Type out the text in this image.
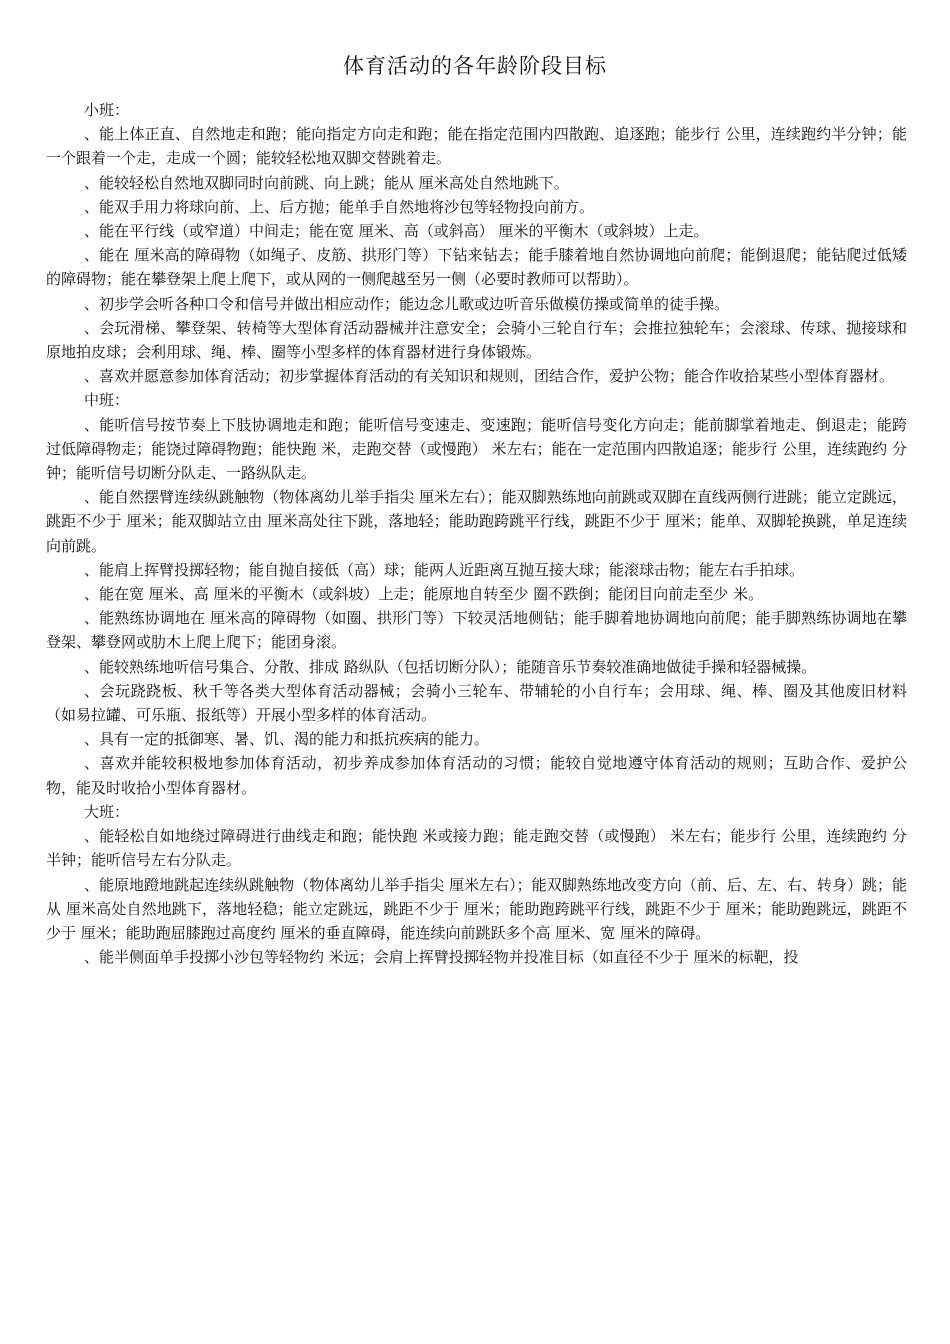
体育活动的各年龄阶段目标

小班：

、能上体正直、自然地走和跑；能向指定方向走和跑；能在指定范围内四散跑、追逐跑；能步行 公里，连续跑约半分钟；能一个跟着一个走，走成一个圆；能较轻松地双脚交替跳着走。

、能较轻松自然地双脚同时向前跳、向上跳；能从 厘米高处自然地跳下。

、能双手用力将球向前、上、后方抛；能单手自然地将沙包等轻物投向前方。

、能在平行线（或窄道）中间走；能在宽 厘米、高（或斜高） 厘米的平衡木（或斜坡）上走。

、能在 厘米高的障碍物（如绳子、皮筋、拱形门等）下钻来钻去；能手膝着地自然协调地向前爬；能倒退爬；能钻爬过低矮的障碍物；能在攀登架上爬上爬下，或从网的一侧爬越至另一侧（必要时教师可以帮助）。

、初步学会听各种口令和信号并做出相应动作；能边念儿歌或边听音乐做模仿操或简单的徒手操。

、会玩滑梯、攀登架、转椅等大型体育活动器械并注意安全；会骑小三轮自行车；会推拉独轮车；会滚球、传球、抛接球和原地拍皮球；会利用球、绳、棒、圈等小型多样的体育器材进行身体锻炼。

、喜欢并愿意参加体育活动；初步掌握体育活动的有关知识和规则，团结合作，爱护公物；能合作收拾某些小型体育器材。

中班：

、能听信号按节奏上下肢协调地走和跑；能听信号变速走、变速跑；能听信号变化方向走；能前脚掌着地走、倒退走；能跨过低障碍物走；能饶过障碍物跑；能快跑 米，走跑交替（或慢跑） 米左右；能在一定范围内四散追逐；能步行 公里，连续跑约 分钟；能听信号切断分队走、一路纵队走。

、能自然摆臂连续纵跳触物（物体离幼儿举手指尖 厘米左右）；能双脚熟练地向前跳或双脚在直线两侧行进跳；能立定跳远，跳距不少于 厘米；能双脚站立由 厘米高处往下跳，落地轻；能助跑跨跳平行线，跳距不少于 厘米；能单、双脚轮换跳，单足连续向前跳。

、能肩上挥臂投掷轻物；能自抛自接低（高）球；能两人近距离互抛互接大球；能滚球击物；能左右手拍球。

、能在宽 厘米、高 厘米的平衡木（或斜坡）上走；能原地自转至少 圈不跌倒；能闭目向前走至少 米。

、能熟练协调地在 厘米高的障碍物（如圈、拱形门等）下较灵活地侧钻；能手脚着地协调地向前爬；能手脚熟练协调地在攀登架、攀登网或肋木上爬上爬下；能团身滚。

、能较熟练地听信号集合、分散、排成 路纵队（包括切断分队）；能随音乐节奏较准确地做徒手操和轻器械操。

、会玩跷跷板、秋千等各类大型体育活动器械；会骑小三轮车、带辅轮的小自行车；会用球、绳、棒、圈及其他废旧材料（如易拉罐、可乐瓶、报纸等）开展小型多样的体育活动。

、具有一定的抵御寒、暑、饥、渴的能力和抵抗疾病的能力。

、喜欢并能较积极地参加体育活动，初步养成参加体育活动的习惯；能较自觉地遵守体育活动的规则；互助合作、爱护公物，能及时收拾小型体育器材。

大班：

、能轻松自如地绕过障碍进行曲线走和跑；能快跑 米或接力跑；能走跑交替（或慢跑） 米左右；能步行 公里，连续跑约 分半钟；能听信号左右分队走。

、能原地蹬地跳起连续纵跳触物（物体离幼儿举手指尖 厘米左右）；能双脚熟练地改变方向（前、后、左、右、转身）跳；能从 厘米高处自然地跳下，落地轻稳；能立定跳远，跳距不少于 厘米；能助跑跨跳平行线，跳距不少于 厘米；能助跑跳远，跳距不少于 厘米；能助跑屈膝跑过高度约 厘米的垂直障碍，能连续向前跳跃多个高 厘米、宽 厘米的障碍。

、能半侧面单手投掷小沙包等轻物约 米远；会肩上挥臂投掷轻物并投准目标（如直径不少于 厘米的标靶，投
